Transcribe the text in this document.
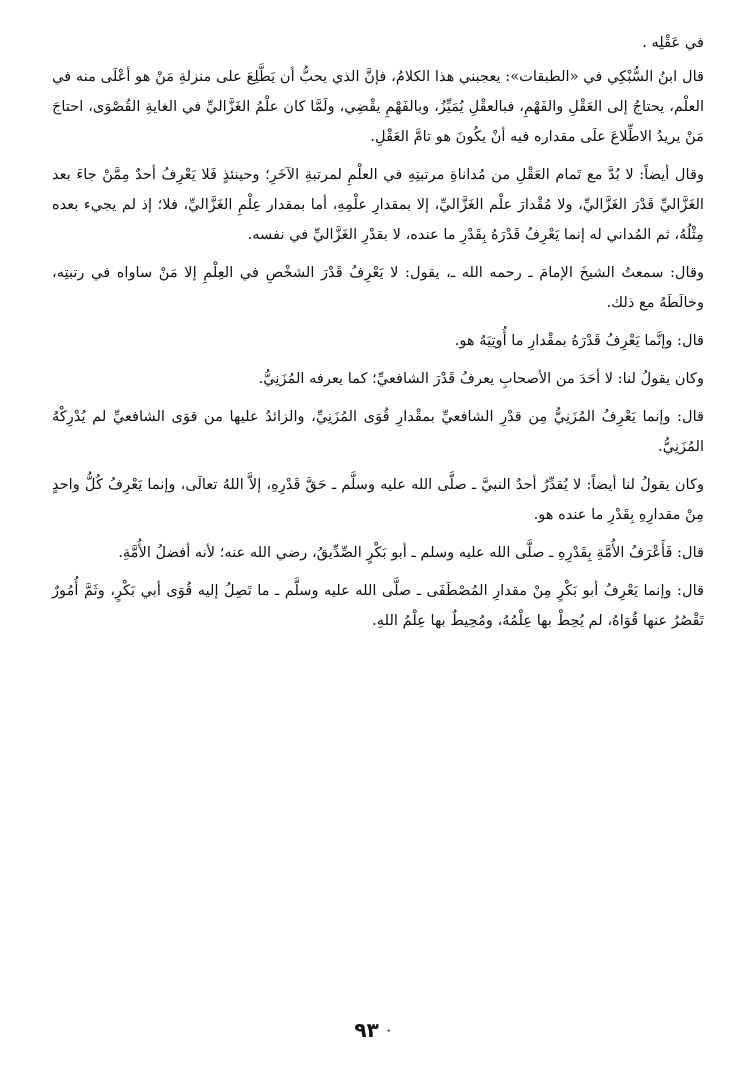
في عَقْلِه .

قال ابنُ السُّبْكِي في «الطبقات»: يعجبني هذا الكلامُ، فإنَّ الذي يحبُّ أن يَطَّلِعَ على منزلةِ مَنْ هو أعْلَى منه في العلْم، يحتاجُ إلى العَقْلِ والفَهْمِ، فبالعقْلِ يُمَيِّزُ، وبالفَهْمِ يقْضِي، ولَمَّا كان علْمُ الغَزَّاليِّ في الغايةِ القُصْوَى، احتاجَ مَنْ يريدُ الاطِّلاعَ علَى مقداره فيه أنْ يكُونَ هو تامَّ العَقْلِ.

وقال أيضاً: لا بُدَّ مع تَمام العَقْلِ من مُداناةِ مرتبتِهِ في العلْمِ لمرتبةِ الآخَرِ؛ وحينئذٍ فَلا يَعْرِفُ أحدٌ مِمَّنْ جاءَ بعد الغَزَّاليِّ قَدْرَ الغَزَّاليِّ، ولا مُقْدارَ علْم الغَزَّاليِّ، إلا بمقدارِ علْمِهِ، أما بمقدار عِلْمِ الغَزَّاليِّ، فلا؛ إذ لم يجيء بعده مِثْلُهُ، ثم المُداني له إنما يَعْرِفُ قَدْرَهُ بِقَدْرِ ما عنده، لا بقدْرِ الغَزَّاليِّ في نفسه.

وقال: سمعتُ الشيخَ الإمامَ ـ رحمه الله ـ، يقول: لا يَعْرِفُ قَدْرَ الشخْصِ في العِلْمِ إلا مَنْ ساواه في رتبتِه، وخالَطَهُ مع ذلك.

قال: وإنَّما يَعْرِفُ قَدْرَهُ بمقْدارِ ما أُوتِيَهُ هو.

وكان يقولُ لنا: لا أحَدَ من الأصحابِ يعرفُ قَدْرَ الشافعيِّ؛ كما يعرفه المُزَنِيُّ.

قال: وإنما يَعْرِفُ المُزَنِيُّ مِن قدْرِ الشافعيِّ بمقْدارِ قُوَى المُزَنِيِّ، والزائدُ عليها من قوَى الشافعيِّ لم يُدْرِكْهُ المُزَنِيُّ.

وكان يقولُ لنا أيضاً: لا يُقدِّرُ أحدٌ النبيَّ ـ صلَّى الله عليه وسلَّم ـ حَقَّ قَدْرِهِ، إلاَّ اللهُ تعالَى، وإنما يَعْرِفُ كُلُّ واحدٍ مِنْ مقدارِهِ بِقَدْرِ ما عنده هو.

قال: فَأَعْرَفُ الأُمَّةِ بِقَدْرِهِ ـ صلَّى الله عليه وسلم ـ أبو بَكْرٍ الصِّدِّيقُ، رضي الله عنه؛ لأنه أفضلُ الأُمَّةِ.

قال: وإنما يَعْرِفُ أبو بَكْرٍ مِنْ مقدارِ المُصْطَفَى ـ صلَّى الله عليه وسلَّم ـ ما تَصِلُ إليه قُوَى أبي بَكْرٍ، وثَمَّ أُمُورٌ تَقْصُرُ عنها قُوَاهُ، لم يُحِطْ بها عِلْمُهُ، ومُحِيطٌ بها عِلْمُ اللهِ.

·٩٣
